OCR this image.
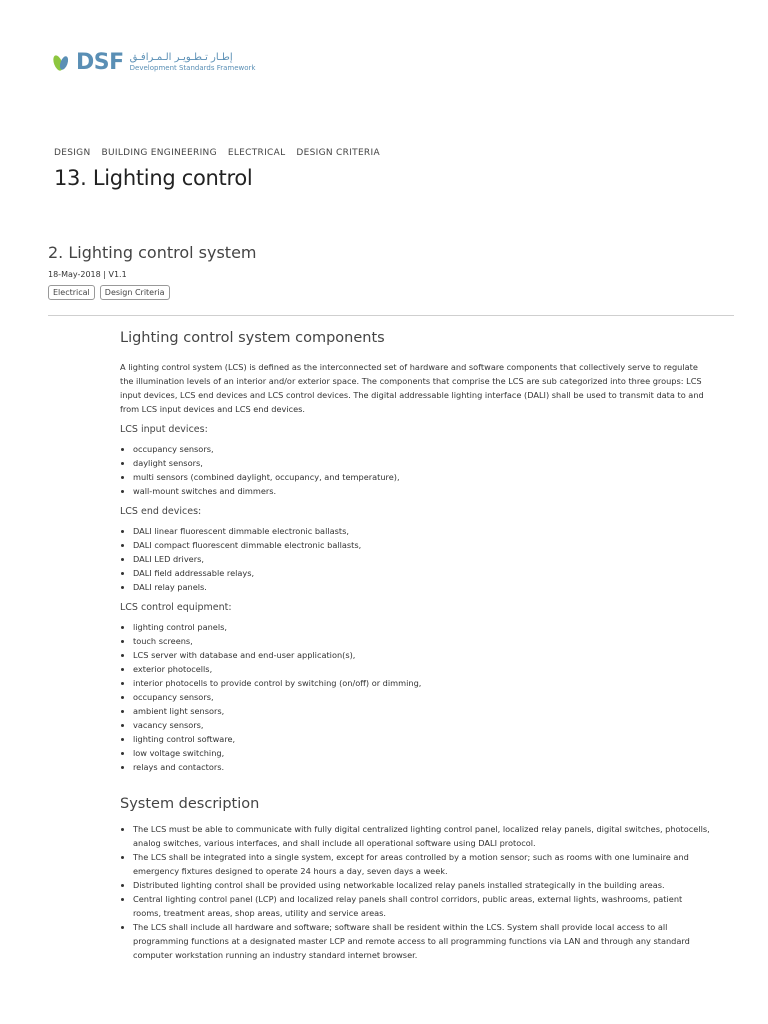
DSF إطـار تـطـويـر الـمـرافـق
Development Standards Framework
DESIGN BUILDING ENGINEERING ELECTRICAL DESIGN CRITERIA
13. Lighting control
2. Lighting control system
18-May-2018 | V1.1
Electrical	Design Criteria
Lighting control system components

A lighting control system (LCS) is defined as the interconnected set of hardware and software components that collectively serve to regulate the illumination levels of an interior and/or exterior space. The components that comprise the LCS are sub categorized into three groups: LCS input devices, LCS end devices and LCS control devices. The digital addressable lighting interface (DALI) shall be used to transmit data to and from LCS input devices and LCS end devices.

LCS input devices:

• occupancy sensors,
• daylight sensors,
• multi sensors (combined daylight, occupancy, and temperature),
• wall-mount switches and dimmers.

LCS end devices:

• DALI linear fluorescent dimmable electronic ballasts,
• DALI compact fluorescent dimmable electronic ballasts,
• DALI LED drivers,
• DALI field addressable relays,
• DALI relay panels.

LCS control equipment:

• lighting control panels,
• touch screens,
• LCS server with database and end-user application(s),
• exterior photocells,
• interior photocells to provide control by switching (on/off) or dimming,
• occupancy sensors,
• ambient light sensors,
• vacancy sensors,
• lighting control software,
• low voltage switching,
• relays and contactors.
System description
• The LCS must be able to communicate with fully digital centralized lighting control panel, localized relay panels, digital switches, photocells, analog switches, various interfaces, and shall include all operational software using DALI protocol.
• The LCS shall be integrated into a single system, except for areas controlled by a motion sensor; such as rooms with one luminaire and emergency fixtures designed to operate 24 hours a day, seven days a week.
• Distributed lighting control shall be provided using networkable localized relay panels installed strategically in the building areas.
• Central lighting control panel (LCP) and localized relay panels shall control corridors, public areas, external lights, washrooms, patient rooms, treatment areas, shop areas, utility and service areas.
• The LCS shall include all hardware and software; software shall be resident within the LCS. System shall provide local access to all programming functions at a designated master LCP and remote access to all programming functions via LAN and through any standard computer workstation running an industry standard internet browser.
